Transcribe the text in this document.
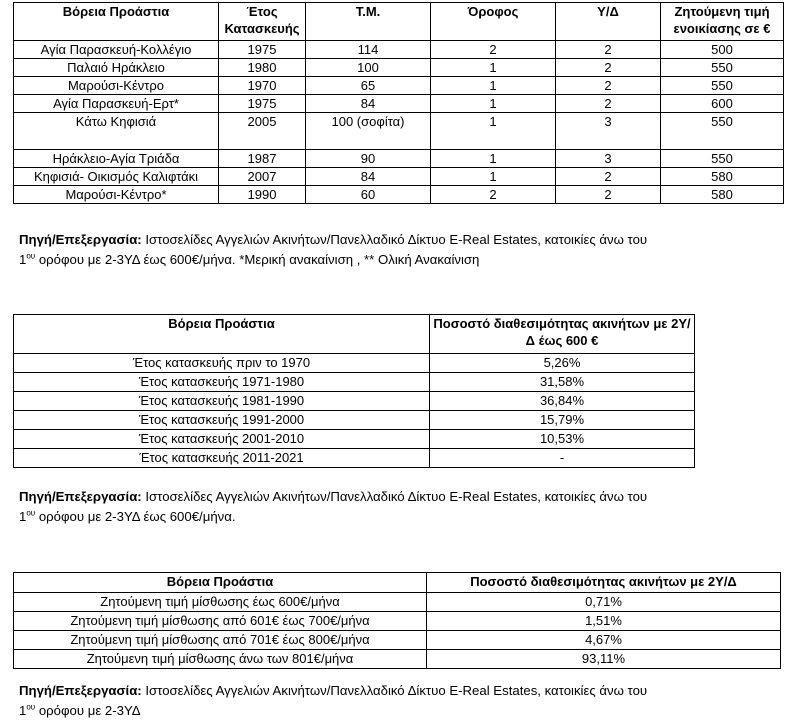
Βόρεια Προάστια	Έτος Κατασκευής	Τ.Μ.	Όροφος	Υ/Δ	Ζητούμενη τιμή ενοικίασης σε €
Αγία Παρασκευή-Κολλέγιο	1975	114	2	2	500
Παλαιό Ηράκλειο	1980	100	1	2	550
Μαρούσι-Κέντρο	1970	65	1	2	550
Αγία Παρασκευή-Ερτ*	1975	84	1	2	600
Κάτω Κηφισιά	2005	100 (σοφίτα)	1	3	550
Ηράκλειο-Αγία Τριάδα	1987	90	1	3	550
Κηφισιά- Οικισμός Καλιφτάκι	2007	84	1	2	580
Μαρούσι-Κέντρο*	1990	60	2	2	580
Πηγή/Επεξεργασία: Ιστοσελίδες Αγγελιών Ακινήτων/Πανελλαδικό Δίκτυο E-Real Estates, κατοικίες άνω του
$1^{o\upsilon}$ ορόφου με 2-3ΥΔ έως 600€/μήνα. *Μερική ανακαίνιση , ** Ολική Ανακαίνιση
Βόρεια Προάστια	Ποσοστό διαθεσιμότητας ακινήτων με 2Υ/Δ έως 600 €
Έτος κατασκευής πριν το 1970	5,26%
Έτος κατασκευής 1971-1980	31,58%
Έτος κατασκευής 1981-1990	36,84%
Έτος κατασκευής 1991-2000	15,79%
Έτος κατασκευής 2001-2010	10,53%
Έτος κατασκευής 2011-2021	-
Πηγή/Επεξεργασία: Ιστοσελίδες Αγγελιών Ακινήτων/Πανελλαδικό Δίκτυο E-Real Estates, κατοικίες άνω του
$1^{o\upsilon}$ ορόφου με 2-3ΥΔ έως 600€/μήνα.
Βόρεια Προάστια	Ποσοστό διαθεσιμότητας ακινήτων με 2Υ/Δ
Ζητούμενη τιμή μίσθωσης έως 600€/μήνα	0,71%
Ζητούμενη τιμή μίσθωσης από 601€ έως 700€/μήνα	1,51%
Ζητούμενη τιμή μίσθωσης από 701€ έως 800€/μήνα	4,67%
Ζητούμενη τιμή μίσθωσης άνω των 801€/μήνα	93,11%
Πηγή/Επεξεργασία: Ιστοσελίδες Αγγελιών Ακινήτων/Πανελλαδικό Δίκτυο E-Real Estates, κατοικίες άνω του
$1^{o\upsilon}$ ορόφου με 2-3ΥΔ
